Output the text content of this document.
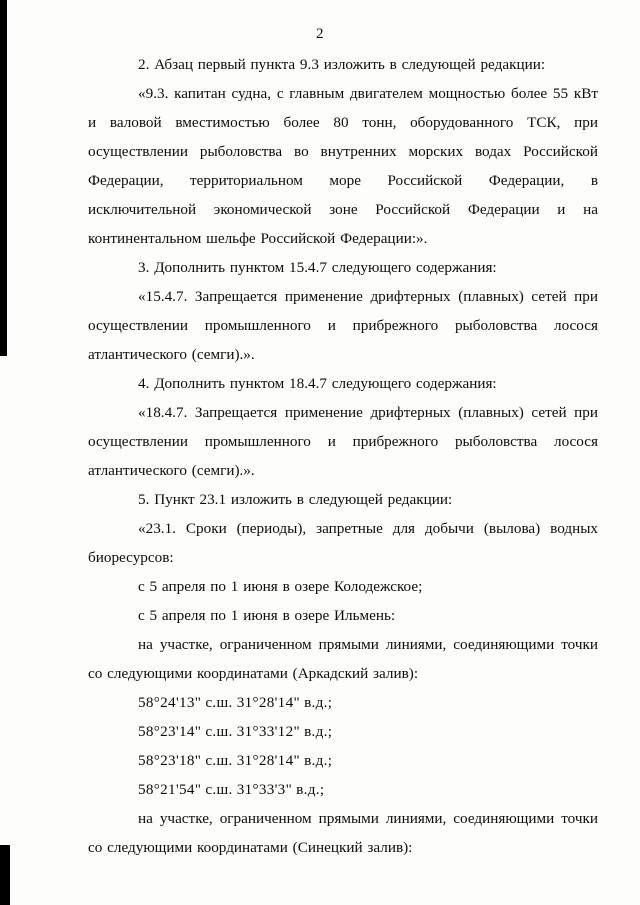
2

2. Абзац первый пункта 9.3 изложить в следующей редакции:

«9.3. капитан судна, с главным двигателем мощностью более 55 кВт и валовой вместимостью более 80 тонн, оборудованного ТСК, при осуществлении рыболовства во внутренних морских водах Российской Федерации, территориальном море Российской Федерации, в исключительной экономической зоне Российской Федерации и на континентальном шельфе Российской Федерации:».

3. Дополнить пунктом 15.4.7 следующего содержания:

«15.4.7. Запрещается применение дрифтерных (плавных) сетей при осуществлении промышленного и прибрежного рыболовства лосося атлантического (семги).».

4. Дополнить пунктом 18.4.7 следующего содержания:

«18.4.7. Запрещается применение дрифтерных (плавных) сетей при осуществлении промышленного и прибрежного рыболовства лосося атлантического (семги).».

5. Пункт 23.1 изложить в следующей редакции:

«23.1. Сроки (периоды), запретные для добычи (вылова) водных биоресурсов:

с 5 апреля по 1 июня в озере Колодежское;

с 5 апреля по 1 июня в озере Ильмень:

на участке, ограниченном прямыми линиями, соединяющими точки со следующими координатами (Аркадский залив):

58°24'13" с.ш. 31°28'14" в.д.;

58°23'14" с.ш. 31°33'12" в.д.;

58°23'18" с.ш. 31°28'14" в.д.;

58°21'54" с.ш. 31°33'3" в.д.;

на участке, ограниченном прямыми линиями, соединяющими точки со следующими координатами (Синецкий залив):
